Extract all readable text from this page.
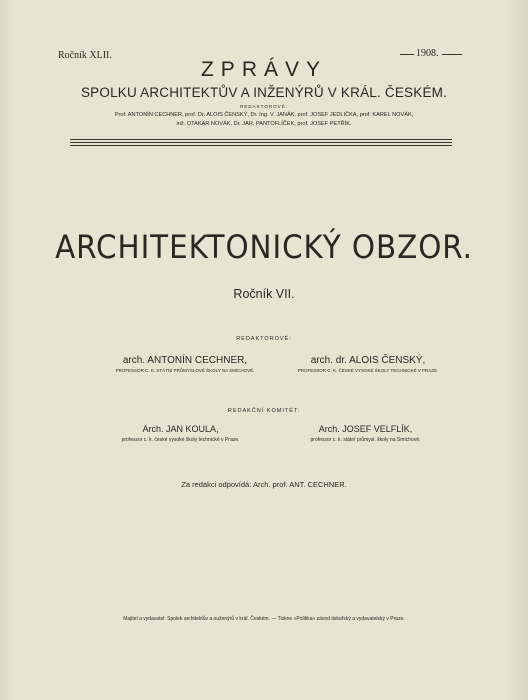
Ročník XLII.	1908.
ZPRÁVY
SPOLKU ARCHITEKTŮV A INŽENÝRŮ V KRÁL. ČESKÉM.
REDAKTOROVÉ:
Prof. ANTONÍN CECHNER, prof. Dr. ALOIS ČENSKÝ, Dr. Ing. V. JANÁK, prof. JOSEF JEDLIČKA, prof. KAREL NOVÁK,
inž. OTAKAR NOVÁK, Dr. JAR. PANTOFLÍČEK, prof. JOSEF PETŘÍK.
ARCHITEKTONICKÝ OBZOR.
Ročník VII.
REDAKTOROVÉ:
arch. ANTONÍN CECHNER,
PROFESSOR C. K. STÁTNÍ PRŮMYSLOVÉ ŠKOLY NA SMÍCHOVĚ.
arch. dr. ALOIS ČENSKÝ,
PROFESSOR C. K. ČESKÉ VYSOKÉ ŠKOLY TECHNICKÉ V PRAZE.
REDAKČNÍ KOMITÉT:
Arch. JAN KOULA,
professor c. k. české vysoké školy technické v Praze.
Arch. JOSEF VELFLÍK,
professor c. k. státní průmysl. školy na Smíchově.
Za redakci odpovídá: Arch. prof. ANT. CECHNER.
Majitel a vydavatel: Spolek architektův a ouženýrů v král. Českém. — Tiskne »Politika« závod tiskařský a vydavatelský v Praze.
